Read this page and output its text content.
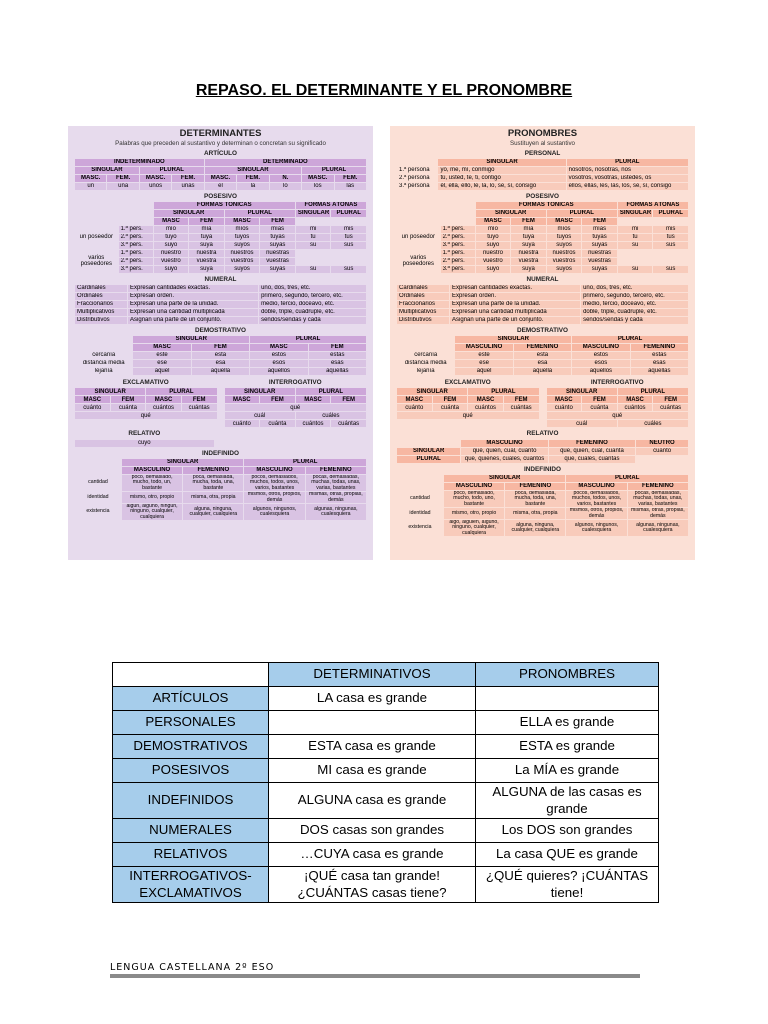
REPASO. EL DETERMINANTE Y EL PRONOMBRE
DETERMINANTES
Palabras que preceden al sustantivo y determinan o concretan su significado
ARTÍCULO
INDETERMINADO				DETERMINADO				
SINGULAR		PLURAL		SINGULAR			PLURAL	
MASC.	FEM.	MASC.	FEM.	MASC.	FEM.	N.	MASC.	FEM.
un	una	unos	unas	el	la	lo	los	las
POSESIVO
		FORMAS TÓNICAS				FORMAS ÁTONAS	
		SINGULAR		PLURAL		SINGULAR	PLURAL
		MASC	FEM	MASC	FEM		
un poseedor	1.ª pers.	mío	mía	míos	mías	mi	mis
	2.ª pers.	tuyo	tuya	tuyos	tuyas	tu	tus
	3.ª pers.	suyo	suya	suyos	suyas	su	sus
varios poseedores	1.ª pers.	nuestro	nuestra	nuestros	nuestras		
	2.ª pers.	vuestro	vuestra	vuestros	vuestras		
	3.ª pers.	suyo	suya	suyos	suyas	su	sus
NUMERAL
Cardinales	Expresan cantidades exactas.	uno, dos, tres, etc.
Ordinales	Expresan orden.	primero, segundo, tercero, etc.
Fraccionarios	Expresan una parte de la unidad.	medio, tercio, doceavo, etc.
Multiplicativos	Expresan una cantidad multiplicada	doble, triple, cuádruple, etc.
Distributivos	Asignan una parte de un conjunto.	sendos/sendas y cada
DEMOSTRATIVO
	SINGULAR		PLURAL	
	MASC	FEM	MASC	FEM
cercanía	este	esta	estos	estas
distancia media	ese	esa	esos	esas
lejanía	aquel	aquella	aquellos	aquellas
EXCLAMATIVO
SINGULAR		PLURAL	
MASC	FEM	MASC	FEM
cuánto	cuánta	cuántos	cuántas
qué			
INTERROGATIVO
SINGULAR		PLURAL	
MASC	FEM	MASC	FEM
qué			
cuál		cuáles	
cuánto	cuánta	cuántos	cuántas
RELATIVO
cuyo
INDEFINIDO
	SINGULAR		PLURAL	
	MASCULINO	FEMENINO	MASCULINO	FEMENINO
cantidad	poco, demasiado, mucho, todo, un, bastante	poca, demasiada, mucha, toda, una, bastante	pocos, demasiados, muchos, todos, unos, varios, bastantes	pocas, demasiadas, muchas, todas, unas, varias, bastantes
identidad	mismo, otro, propio	misma, otra, propia	mismos, otros, propios, demás	mismas, otras, propias, demás
existencia	algún, alguno, ningún, ninguno, cualquier, cualquiera	alguna, ninguna, cualquier, cualquiera	algunos, ningunos, cualesquiera	algunas, ningunas, cualesquiera
PRONOMBRES
Sustituyen al sustantivo
PERSONAL
	SINGULAR	PLURAL
1.ª persona	yo, me, mí, conmigo	nosotros, nosotras, nos
2.ª persona	tú, usted, te, ti, contigo	vosotros, vosotras, ustedes, os
3.ª persona	él, ella, ello, le, la, lo, se, sí, consigo	ellos, ellas, les, las, los, se, sí, consigo
POSESIVO
		FORMAS TÓNICAS				FORMAS ÁTONAS	
		SINGULAR		PLURAL		SINGULAR	PLURAL
		MASC	FEM	MASC	FEM		
un poseedor	1.ª pers.	mío	mía	míos	mías	mi	mis
	2.ª pers.	tuyo	tuya	tuyos	tuyas	tu	tus
	3.ª pers.	suyo	suya	suyos	suyas	su	sus
varios poseedores	1.ª pers.	nuestro	nuestra	nuestros	nuestras		
	2.ª pers.	vuestro	vuestra	vuestros	vuestras		
	3.ª pers.	suyo	suya	suyos	suyas	su	sus
NUMERAL
Cardinales	Expresan cantidades exactas.	uno, dos, tres, etc.
Ordinales	Expresan orden.	primero, segundo, tercero, etc.
Fraccionarios	Expresan una parte de la unidad.	medio, tercio, doceavo, etc.
Multiplicativos	Expresan una cantidad multiplicada	doble, triple, cuádruple, etc.
Distributivos	Asignan una parte de un conjunto.	sendos/sendas y cada
DEMOSTRATIVO
	SINGULAR		PLURAL	
	MASCULINO	FEMENINO	MASCULINO	FEMENINO
cercanía	este	esta	estos	estas
distancia media	ese	esa	esos	esas
lejanía	aquel	aquella	aquellos	aquellas
EXCLAMATIVO
SINGULAR		PLURAL	
MASC	FEM	MASC	FEM
cuánto	cuánta	cuántos	cuántas
qué			
INTERROGATIVO
SINGULAR		PLURAL	
MASC	FEM	MASC	FEM
cuánto	cuánta	cuántos	cuántas
qué			
cuál		cuáles	
RELATIVO
	MASCULINO	FEMENINO	NEUTRO
SINGULAR	que, quien, cual, cuanto	que, quien, cual, cuanta	cuanto
PLURAL	que, quienes, cuales, cuantos	que, cuales, cuantas	
INDEFINIDO
	SINGULAR		PLURAL	
	MASCULINO	FEMENINO	MASCULINO	FEMENINO
cantidad	poco, demasiado, mucho, todo, uno, bastante	poca, demasiada, mucha, toda, una, bastante	pocos, demasiados, muchos, todos, unos, varios, bastantes	pocas, demasiadas, muchas, todas, unas, varias, bastantes
identidad	mismo, otro, propio	misma, otra, propia	mismos, otros, propios, demás	mismas, otras, propias, demás
existencia	algo, alguien, alguno, ninguno, cualquier, cualquiera	alguna, ninguna, cualquier, cualquiera	algunos, ningunos, cualesquiera	algunas, ningunas, cualesquiera
	DETERMINATIVOS	PRONOMBRES
ARTÍCULOS	LA casa es grande	
PERSONALES		ELLA es grande
DEMOSTRATIVOS	ESTA casa es grande	ESTA es grande
POSESIVOS	MI casa es grande	La MÍA es grande
INDEFINIDOS	ALGUNA casa es grande	ALGUNA de las casas es grande
NUMERALES	DOS casas son grandes	Los DOS son grandes
RELATIVOS	…CUYA casa es grande	La casa QUE es grande
INTERROGATIVOS-EXCLAMATIVOS	¡QUÉ casa tan grande! ¿CUÁNTAS casas tiene?	¿QUÉ quieres? ¡CUÁNTAS tiene!
LENGUA CASTELLANA 2º ESO
